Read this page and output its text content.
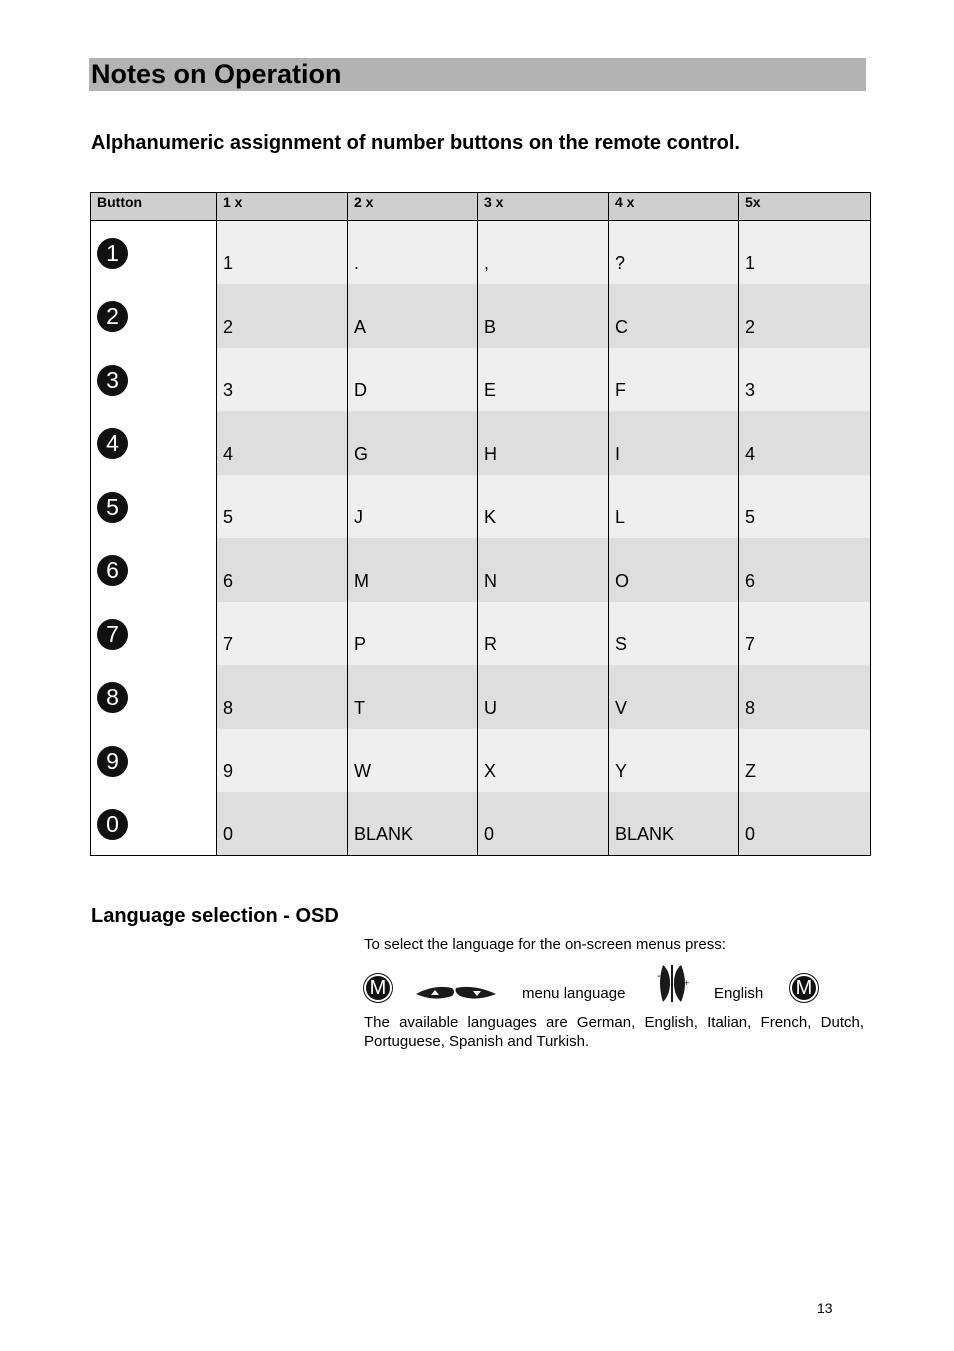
Notes on Operation
Alphanumeric assignment of number buttons on the remote control.
Button	1 x	2 x	3 x	4 x	5x
1	1	.	,	?	1
2	2	A	B	C	2
3	3	D	E	F	3
4	4	G	H	I	4
5	5	J	K	L	5
6	6	M	N	O	6
7	7	P	R	S	7
8	8	T	U	V	8
9	9	W	X	Y	Z
0	0	BLANK	0	BLANK	0
Language selection - OSD

To select the language for the on-screen menus press:

M	menu language
-
+
English M

The available languages are German, English, Italian, French, Dutch, Portuguese, Spanish and Turkish.

13
